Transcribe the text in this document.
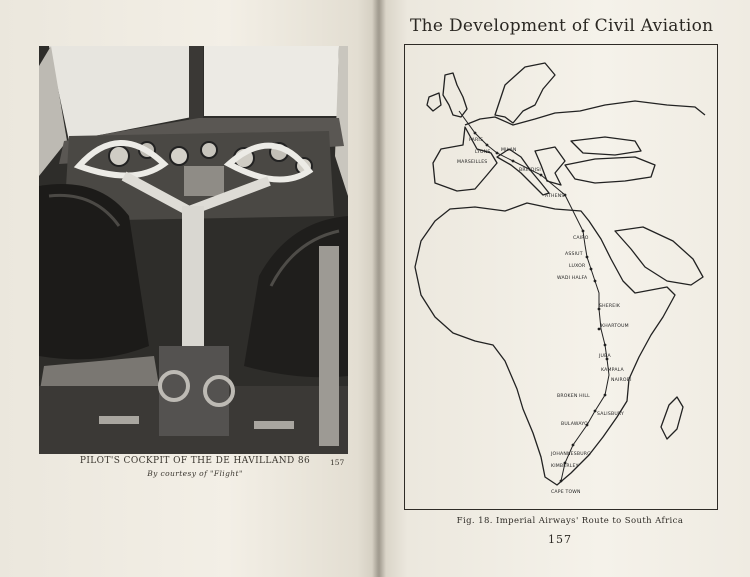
PILOT'S COCKPIT OF THE DE HAVILLAND 86
By courtesy of "Flight"
157
The Development of Civil Aviation
PARIS
LYONS MILAN
MARSEILLES
BRINDISI
ATHENS
CAIRO
ASSIUT
LUXOR
WADI HALFA
SHEREIK
KHARTOUM
JUBA
KAMPALA
NAIROBI
BROKEN HILL
SALISBURY
BULAWAYO
JOHANNESBURG
KIMBERLEY
CAPE TOWN
Fig. 18. Imperial Airways' Route to South Africa
157
